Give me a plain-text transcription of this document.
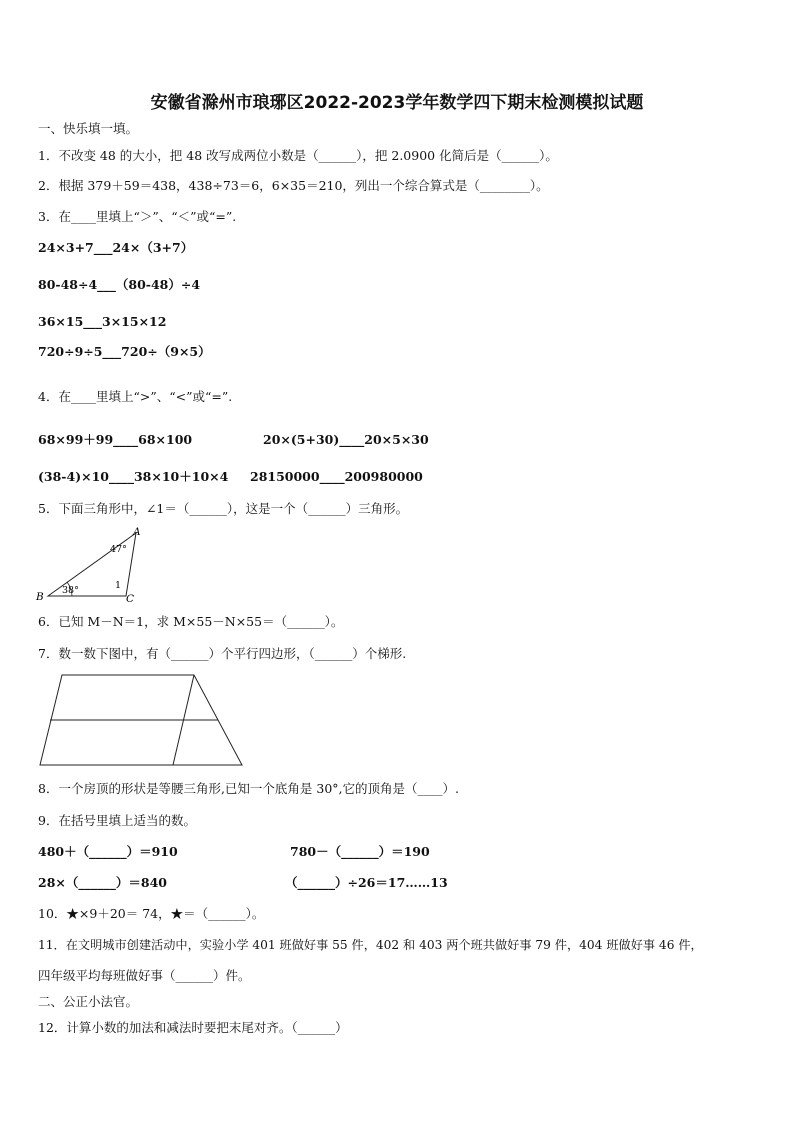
安徽省滁州市琅琊区2022-2023学年数学四下期末检测模拟试题
一、快乐填一填。
1．不改变 48 的大小，把 48 改写成两位小数是（______），把 2.0900 化简后是（______）。
2．根据 379＋59＝438，438÷73＝6，6×35＝210，列出一个综合算式是（________）。
3．在____里填上“＞”、“＜”或“=”.
24×3+7___24×（3+7）
80-48÷4___（80-48）÷4
36×15___3×15×12
720÷9÷5___720÷（9×5）
4．在____里填上“>”、“<”或“=”.
68×99＋99____68×100	20×(5+30)____20×5×30
(38-4)×10____38×10＋10×4 28150000____200980000
5．下面三角形中，∠1＝（______），这是一个（______）三角形。
A
B	C
47°
38°	1
6．已知 M－N＝1，求 M×55－N×55＝（______）。
7．数一数下图中，有（______）个平行四边形，（______）个梯形.
8．一个房顶的形状是等腰三角形,已知一个底角是 30°,它的顶角是（____）.
9．在括号里填上适当的数。
480＋（______）＝910	780－（______）＝190
28×（______）＝840	（______）÷26＝17……13
10．★×9＋20＝ 74，★＝（______）。
11．在文明城市创建活动中，实验小学 401 班做好事 55 件，402 和 403 两个班共做好事 79 件，404 班做好事 46 件，
四年级平均每班做好事（______）件。
二、公正小法官。
12．计算小数的加法和减法时要把末尾对齐。（______）
